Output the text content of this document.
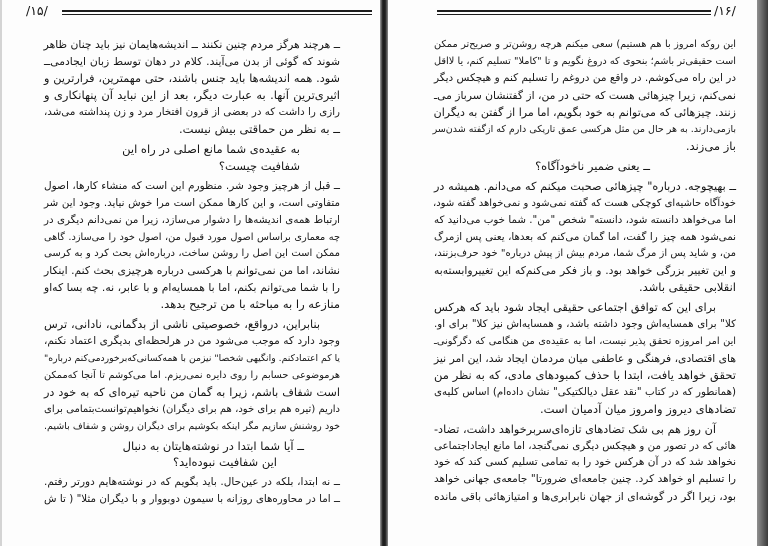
/۱۵/
ــ هرچند هرگز مردم چنین نکنند ــ اندیشه‌هایمان نیز باید چنان ظاهر
شوند که گوئی از بدن می‌آیند. کلام در دهان توسط زبان ایجادمی‌ــ
شود. همه اندیشه‌ها باید جنس باشند، حتی مهمترین، فرارترین و
اثیری‌ترین آنها. به عبارت دیگر، بعد از این نباید آن پنهانکاری و
رازی را داشت که در بعضی از قرون افتخار مرد و زن پنداشته می‌شد،
ــ به نظر من حماقتی بیش نیست.
به عقیده‌ی شما مانع اصلی در راه این
شفافیت چیست؟
ــ قبل از هرچیز وجود شر. منظورم این است که منشاء کارها، اصول
متفاوتی است، و این کارها ممکن است مرا خوش نیاید. وجود این شر
ارتباط همه‌ی اندیشه‌ها را دشوار می‌سازد، زیرا من نمی‌دانم دیگری در
چه معماری براساس اصول مورد قبول من، اصول خود را می‌سازد. گاهی
ممکن است این اصل را روشن ساخت، درباره‌اش بحث کرد و به کرسی
نشاند، اما من نمی‌توانم با هرکسی درباره هرچیزی بحث کنم. اینکار
را با شما می‌توانم بکنم، اما با همسایه‌ام و با عابر، نه. چه بسا که‌او
منازعه را به مباحثه با من ترجیح بدهد.
بنابراین، درواقع، خصوصیتی ناشی از بدگمانی، نادانی، ترس
وجود دارد که موجب می‌شود من در هرلحظه‌ای بدیگری اعتماد نکنم،
یا کم اعتمادکنم. وانگیهی شخصا" نیزمن با همه‌کسانی‌که‌برخوردمی‌کنم درباره"
هرموضوعی حسابم را روی دایره نمی‌ریزم. اما می‌کوشم تا آنجا که‌ممکن
است شفاف باشم، زیرا به گمان من ناحیه تیره‌ای که به خود در
داریم (تیره هم برای خود، هم برای دیگران) نخواهیم‌توانست‌بتمامی برای
خود روشنش سازیم مگر اینکه بکوشیم برای دیگران روشن و شفاف باشیم.
ــ آیا شما ابتدا در نوشته‌هایتان به دنبال
این شفافیت نبوده‌اید؟
ــ نه ابتدا، بلکه در عین‌حال. باید بگویم که در نوشته‌هایم دورتر رفتم.
ــ اما در محاوره‌های روزانه با سیمون دوبووار و با دیگران مثلا" ( تا ش
/۱۶/
این روکه امروز با هم هستیم) سعی میکنم هرچه روشن‌تر و صریح‌تر ممکن
است حقیقی‌تر باشم؛ بنحوی که دروغ نگویم و تا "کاملا" تسلیم کنم، یا لااقل
در این راه می‌کوشم. در واقع من دروغم را تسلیم کنم و هیچکس دیگر
نمی‌کنم، زیرا چیزهائی هست که حتی در من، از گفتنشان سرباز می‌ـ
زنند. چیزهائی که می‌توانم به خود بگویم، اما مرا از گفتن به دیگران
بازمی‌دارند. به هر حال من مثل هرکسی عمق تاریکی دارم که ازگفته شدن‌سر
باز می‌زند.
ــ یعنی ضمیر ناخودآگاه؟
ــ بهیچوجه. درباره" چیزهائی صحبت میکنم که می‌دانم. همیشه در
خودآگاه حاشیه‌ای کوچکی هست که گفته نمی‌شود و نمی‌خواهد گفته شود،
اما می‌خواهد دانسته شود، دانسته" شخص "من". شما خوب می‌دانید که
نمی‌شود همه چیز را گفت، اما گمان می‌کنم که بعدها، یعنی پس ازمرگ
من، و شاید پس از مرگ شما، مردم بیش از پیش درباره" خود حرف‌بزنند،
و این تغییر بزرگی خواهد بود. و باز فکر می‌کنم‌که این تغییر‌وابسته‌به
انقلابی حقیقی باشد.
برای این که توافق اجتماعی حقیقی ایجاد شود باید که هرکس
کلا" برای همسایه‌اش وجود داشته باشد، و همسایه‌اش نیز کلا" برای او.
این امر امروزه تحقق پذیر نیست، اما به عقیده‌ی من هنگامی که دگرگونی‌ـ
های اقتصادی، فرهنگی و عاطفی میان مردمان ایجاد شد، این امر نیز
تحقق خواهد یافت، ابتدا با حذف کمبودهای مادی، که به نظر من
(همانطور که در کتاب "نقد عقل دیالکتیکی" نشان داده‌ام) اساس کلیه‌ی
تضادهای دیروز وامروز میان آدمیان است.
آن روز هم بی شک تضادهای تازه‌ای‌سربرخواهد داشت، تضاد-
هائی که در تصور من و هیچکس دیگری نمی‌گنجد، اما مانع ایجاداجتماعی
نخواهد شد که در آن هرکس خود را به تمامی تسلیم کسی کند که خود
را تسلیم او خواهد کرد. چنین جامعه‌ای ضرورتا" جامعه‌ی جهانی خواهد
بود، زیرا اگر در گوشه‌ای از جهان نابرابری‌ها و امتیازهائی باقی مانده
